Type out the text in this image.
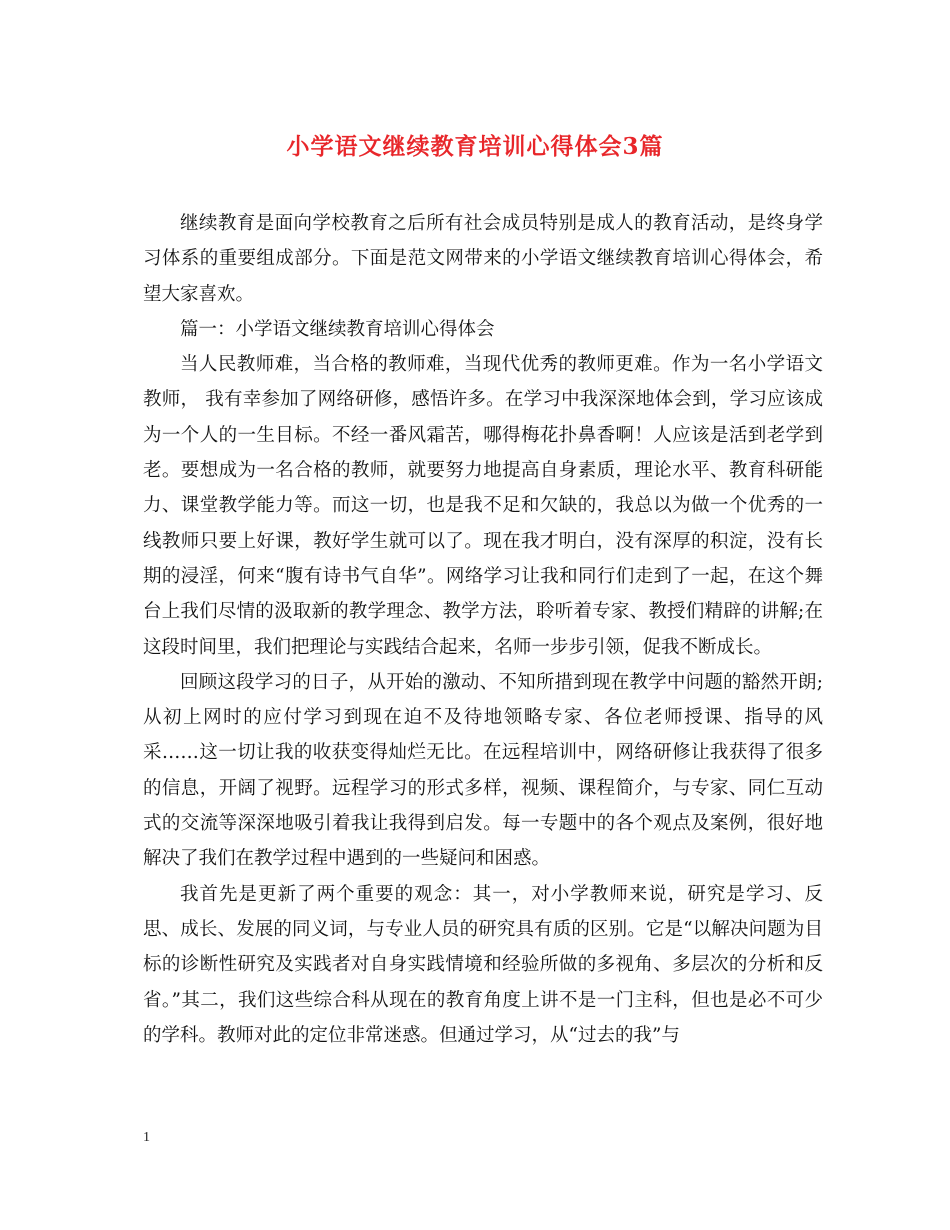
小学语文继续教育培训心得体会3篇

继续教育是面向学校教育之后所有社会成员特别是成人的教育活动，是终身学习体系的重要组成部分。下面是范文网带来的小学语文继续教育培训心得体会，希望大家喜欢。

篇一：小学语文继续教育培训心得体会

当人民教师难，当合格的教师难，当现代优秀的教师更难。作为一名小学语文教师， 我有幸参加了网络研修，感悟许多。在学习中我深深地体会到，学习应该成为一个人的一生目标。不经一番风霜苦，哪得梅花扑鼻香啊！人应该是活到老学到老。要想成为一名合格的教师，就要努力地提高自身素质，理论水平、教育科研能力、课堂教学能力等。而这一切，也是我不足和欠缺的，我总以为做一个优秀的一线教师只要上好课，教好学生就可以了。现在我才明白，没有深厚的积淀，没有长期的浸淫，何来“腹有诗书气自华”。网络学习让我和同行们走到了一起，在这个舞台上我们尽情的汲取新的教学理念、教学方法，聆听着专家、教授们精辟的讲解;在这段时间里，我们把理论与实践结合起来，名师一步步引领，促我不断成长。

回顾这段学习的日子，从开始的激动、不知所措到现在教学中问题的豁然开朗;从初上网时的应付学习到现在迫不及待地领略专家、各位老师授课、指导的风采……这一切让我的收获变得灿烂无比。在远程培训中，网络研修让我获得了很多的信息，开阔了视野。远程学习的形式多样，视频、课程简介，与专家、同仁互动式的交流等深深地吸引着我让我得到启发。每一专题中的各个观点及案例，很好地解决了我们在教学过程中遇到的一些疑问和困惑。

我首先是更新了两个重要的观念：其一，对小学教师来说，研究是学习、反思、成长、发展的同义词，与专业人员的研究具有质的区别。它是“以解决问题为目标的诊断性研究及实践者对自身实践情境和经验所做的多视角、多层次的分析和反省。”其二，我们这些综合科从现在的教育角度上讲不是一门主科，但也是必不可少的学科。教师对此的定位非常迷惑。但通过学习，从“过去的我”与

1
